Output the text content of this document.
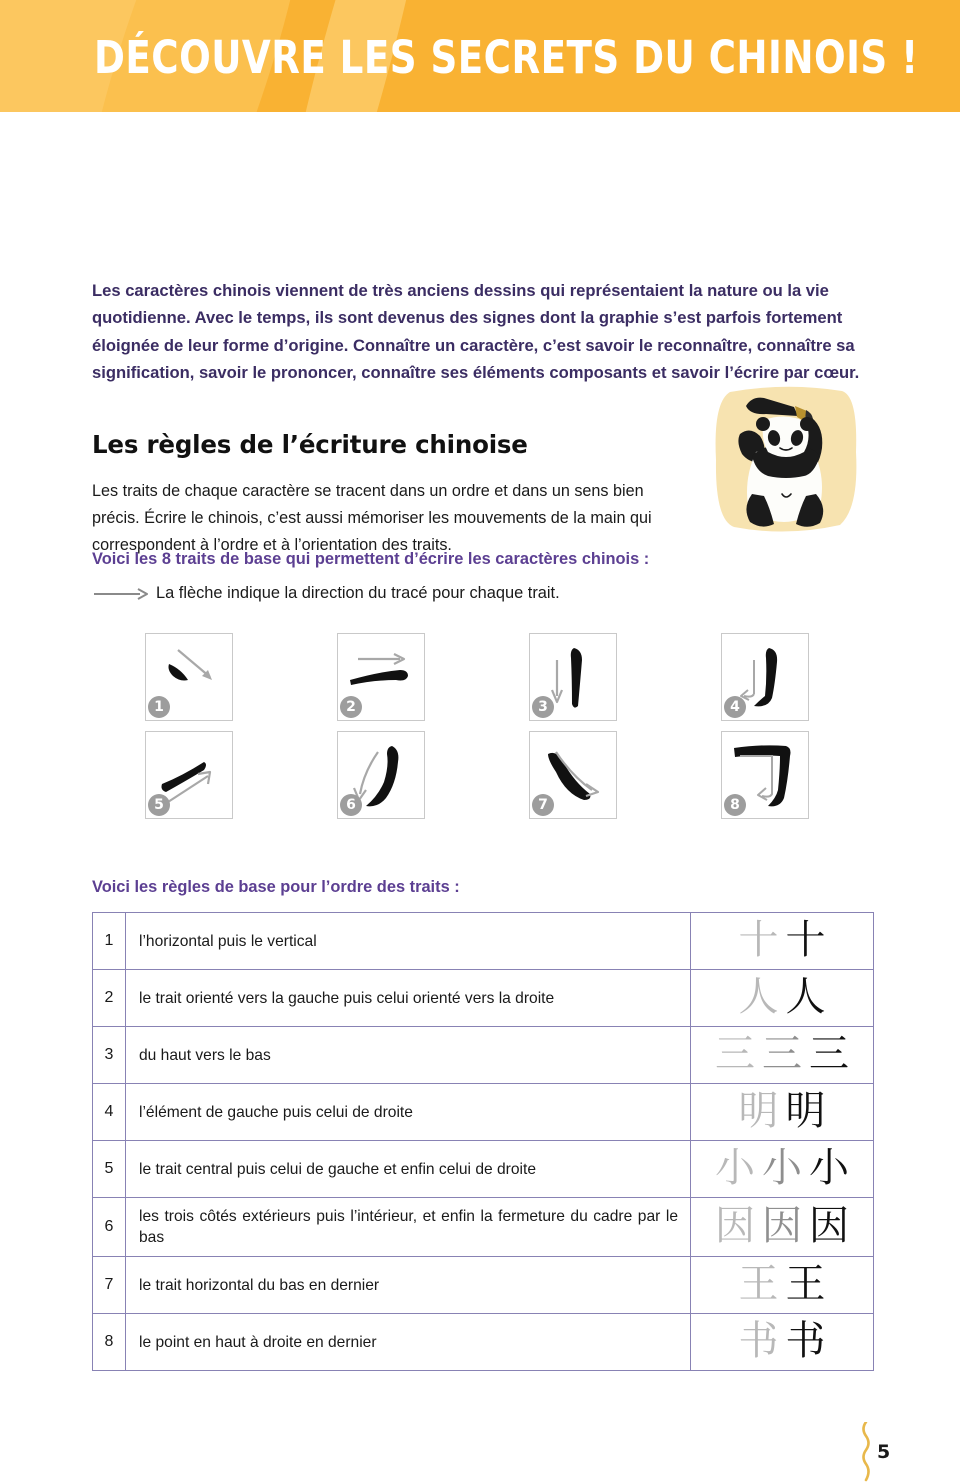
DÉCOUVRE LES SECRETS DU CHINOIS !

Les caractères chinois viennent de très anciens dessins qui représentaient la nature ou la vie quotidienne. Avec le temps, ils sont devenus des signes dont la graphie s’est parfois fortement éloignée de leur forme d’origine. Connaître un caractère, c’est savoir le reconnaître, connaître sa signification, savoir le prononcer, connaître ses éléments composants et savoir l’écrire par cœur.

Les règles de l’écriture chinoise

Les traits de chaque caractère se tracent dans un ordre et dans un sens bien précis. Écrire le chinois, c’est aussi mémoriser les mouvements de la main qui correspondent à l’ordre et à l’orientation des traits.

Voici les 8 traits de base qui permettent d’écrire les caractères chinois :
La flèche indique la direction du tracé pour chaque trait.
1	2	3	4
5	6	7	8
Voici les règles de base pour l’ordre des traits :
1	l’horizontal puis le vertical	十 十

2	le trait orienté vers la gauche puis celui orienté vers la droite	人 人

3	du haut vers le bas	三 三 三

4	l’élément de gauche puis celui de droite	明 明

5	le trait central puis celui de gauche et enfin celui de droite	小 小 小

6	les trois côtés extérieurs puis l’intérieur, et enfin la fermeture du cadre par le bas	因 因 因

7	le trait horizontal du bas en dernier	王 王

8	le point en haut à droite en dernier	书 书
5
